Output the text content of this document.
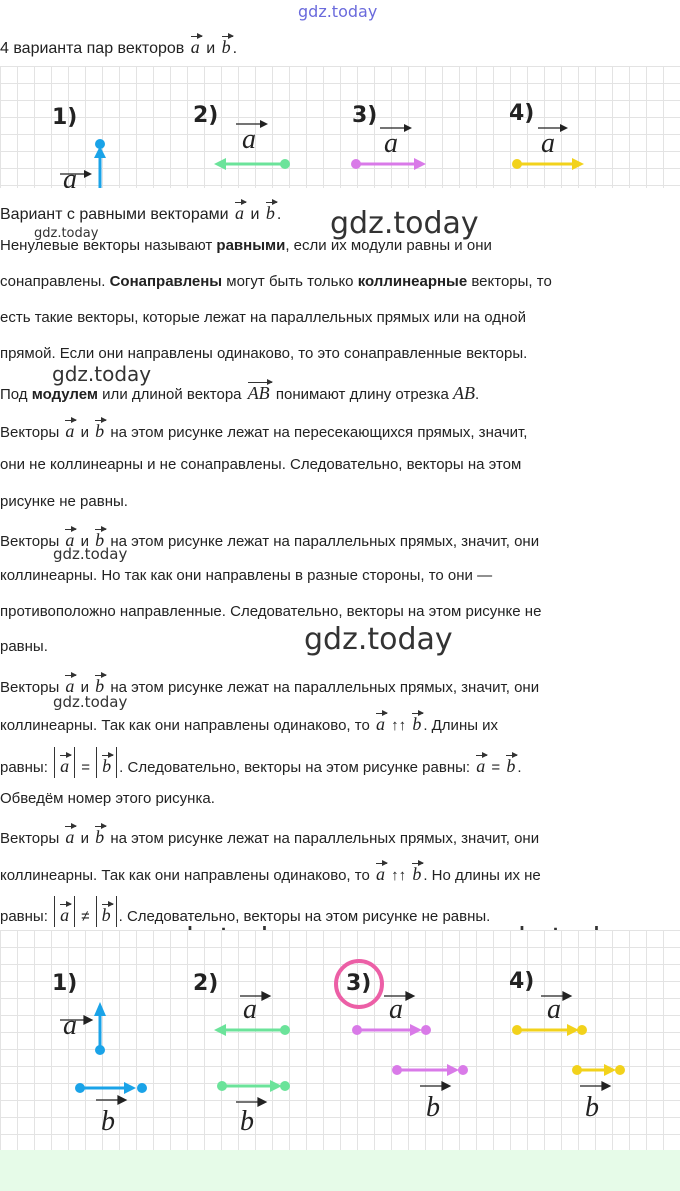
gdz.today
gdz.today
gdz.today
gdz.today
gdz.today
gdz.today
gdz.today
4 варианта пар векторов a и b .
1)	2)	3)	4)
a
a	a	a
Вариант с равными векторами a и b .
Ненулевые векторы называют равными, если их модули равны и они
сонаправлены. Сонаправлены могут быть только коллинеарные векторы, то
есть такие векторы, которые лежат на параллельных прямых или на одной
прямой. Если они направлены одинаково, то это сонаправленные векторы.
Под модулем или длиной вектора AB понимают длину отрезка AB.
Векторы a и b на этом рисунке лежат на пересекающихся прямых, значит,
они не коллинеарны и не сонаправлены. Следовательно, векторы на этом
рисунке не равны.
Векторы a и b на этом рисунке лежат на параллельных прямых, значит, они
коллинеарны. Но так как они направлены в разные стороны, то они —
противоположно направленные. Следовательно, векторы на этом рисунке не
равны.
Векторы a и b на этом рисунке лежат на параллельных прямых, значит, они
коллинеарны. Так как они направлены одинаково, то a ↑↑ b . Длины их
равны: a = b . Следовательно, векторы на этом рисунке равны: a = b .
Обведём номер этого рисунка.
Векторы a и b на этом рисунке лежат на параллельных прямых, значит, они
коллинеарны. Так как они направлены одинаково, то a ↑↑ b . Но длины их не
равны: a ≠ b . Следовательно, векторы на этом рисунке не равны.
1)	2)	3)	4)
a
b
a
b
a
b
a
b
